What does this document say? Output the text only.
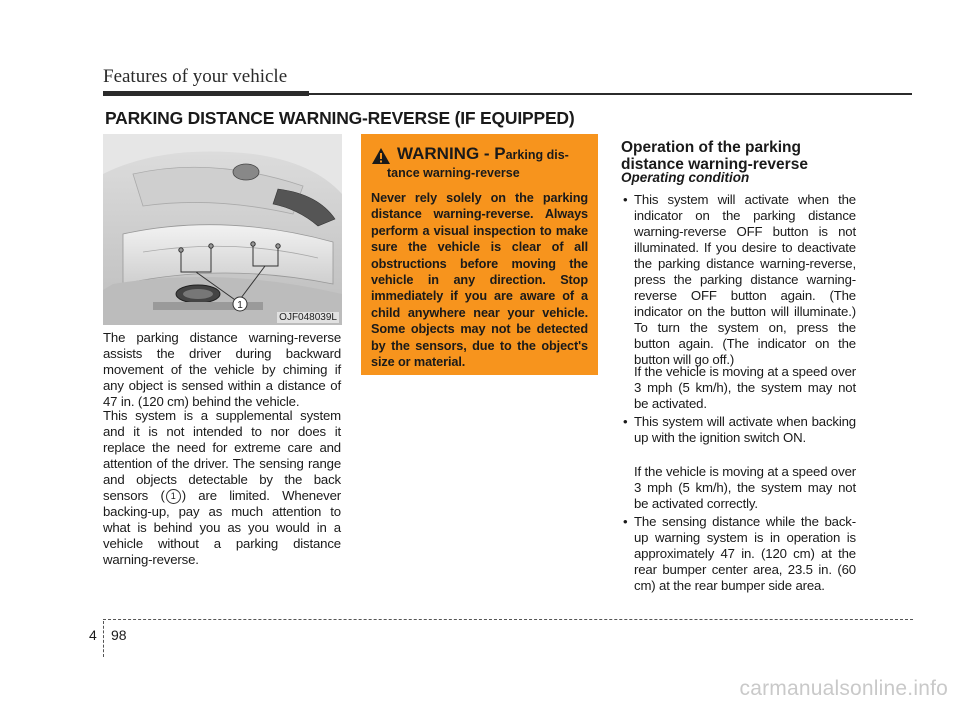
Features of your vehicle
PARKING DISTANCE WARNING-REVERSE (IF EQUIPPED)
1
OJF048039L

The parking distance warning-reverse assists the driver during backward movement of the vehicle by chiming if any object is sensed within a distance of 47 in. (120 cm) behind the vehicle.

This system is a supplemental system and it is not intended to nor does it replace the need for extreme care and attention of the driver. The sensing range and objects detectable by the back sensors ( 1 ) are limited. Whenever backing-up, pay as much attention to what is behind you as you would in a vehicle without a parking distance warning-reverse.

WARNING - Parking dis-
tance warning-reverse

Never rely solely on the parking distance warning-reverse. Always perform a visual inspection to make sure the vehicle is clear of all obstructions before moving the vehicle in any direction. Stop immediately if you are aware of a child anywhere near your vehicle. Some objects may not be detected by the sensors, due to the object's size or material.

Operation of the parking distance warning-reverse
Operating condition
• This system will activate when the indicator on the parking distance warning-reverse OFF button is not illuminated. If you desire to deactivate the parking distance warning-reverse, press the parking distance warning-reverse OFF button again. (The indicator on the button will illuminate.) To turn the system on, press the button again. (The indicator on the button will go off.)
If the vehicle is moving at a speed over 3 mph (5 km/h), the system may not be activated.
• This system will activate when backing up with the ignition switch ON.
If the vehicle is moving at a speed over 3 mph (5 km/h), the system may not be activated correctly.
• The sensing distance while the back-up warning system is in operation is approximately 47 in. (120 cm) at the rear bumper center area, 23.5 in. (60 cm) at the rear bumper side area.
4 98
carmanualsonline.info
